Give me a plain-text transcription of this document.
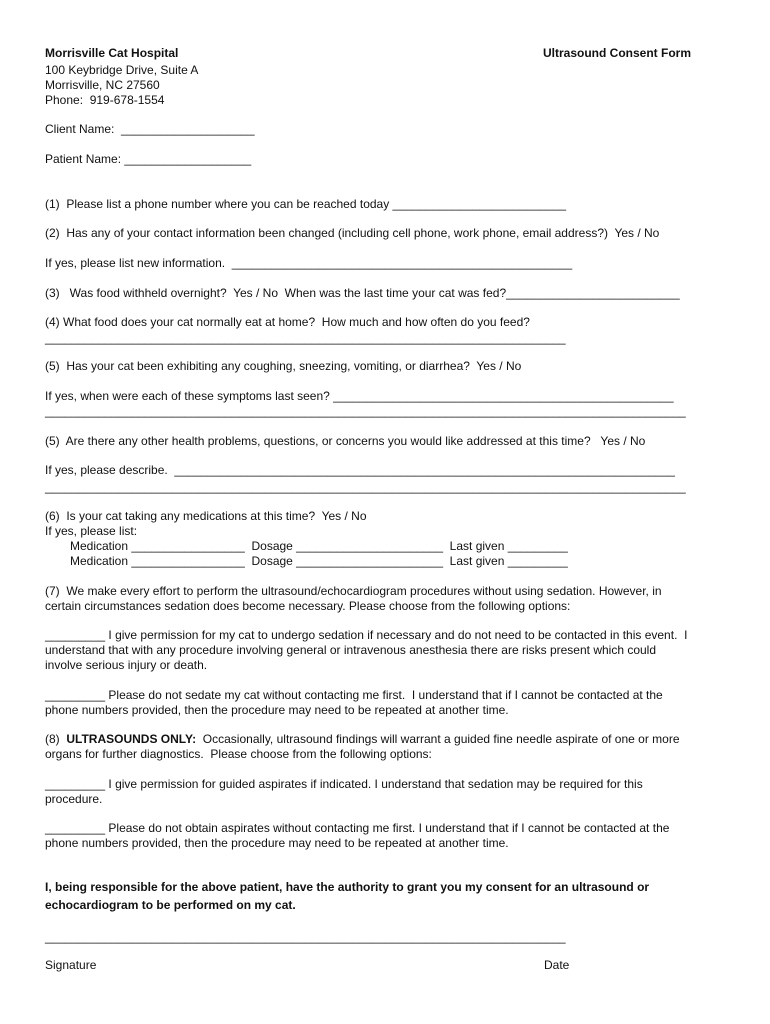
Morrisville Cat Hospital
100 Keybridge Drive, Suite A
Morrisville, NC 27560
Phone:  919-678-1554
Ultrasound Consent Form
Client Name:  ____________________
Patient Name: ___________________
(1)  Please list a phone number where you can be reached today __________________________
(2)  Has any of your contact information been changed (including cell phone, work phone, email address?)  Yes / No
If yes, please list new information.  ___________________________________________________
(3)   Was food withheld overnight?  Yes / No  When was the last time your cat was fed?__________________________
(4) What food does your cat normally eat at home?  How much and how often do you feed?
______________________________________________________________________________
(5)  Has your cat been exhibiting any coughing, sneezing, vomiting, or diarrhea?  Yes / No
If yes, when were each of these symptoms last seen? ___________________________________________________
________________________________________________________________________________________________
(5)  Are there any other health problems, questions, or concerns you would like addressed at this time?   Yes / No
If yes, please describe.  ___________________________________________________________________________
________________________________________________________________________________________________
(6)  Is your cat taking any medications at this time?  Yes / No
If yes, please list:
Medication _________________  Dosage ______________________  Last given _________
Medication _________________  Dosage ______________________  Last given _________
(7)  We make every effort to perform the ultrasound/echocardiogram procedures without using sedation. However, in
certain circumstances sedation does become necessary. Please choose from the following options:
_________ I give permission for my cat to undergo sedation if necessary and do not need to be contacted in this event.  I
understand that with any procedure involving general or intravenous anesthesia there are risks present which could
involve serious injury or death.
_________ Please do not sedate my cat without contacting me first.  I understand that if I cannot be contacted at the
phone numbers provided, then the procedure may need to be repeated at another time.
(8)  ULTRASOUNDS ONLY:  Occasionally, ultrasound findings will warrant a guided fine needle aspirate of one or more
organs for further diagnostics.  Please choose from the following options:
_________ I give permission for guided aspirates if indicated. I understand that sedation may be required for this
procedure.
_________ Please do not obtain aspirates without contacting me first. I understand that if I cannot be contacted at the
phone numbers provided, then the procedure may need to be repeated at another time.
I, being responsible for the above patient, have the authority to grant you my consent for an ultrasound or
echocardiogram to be performed on my cat.
______________________________________________________________________________
Signature	Date
